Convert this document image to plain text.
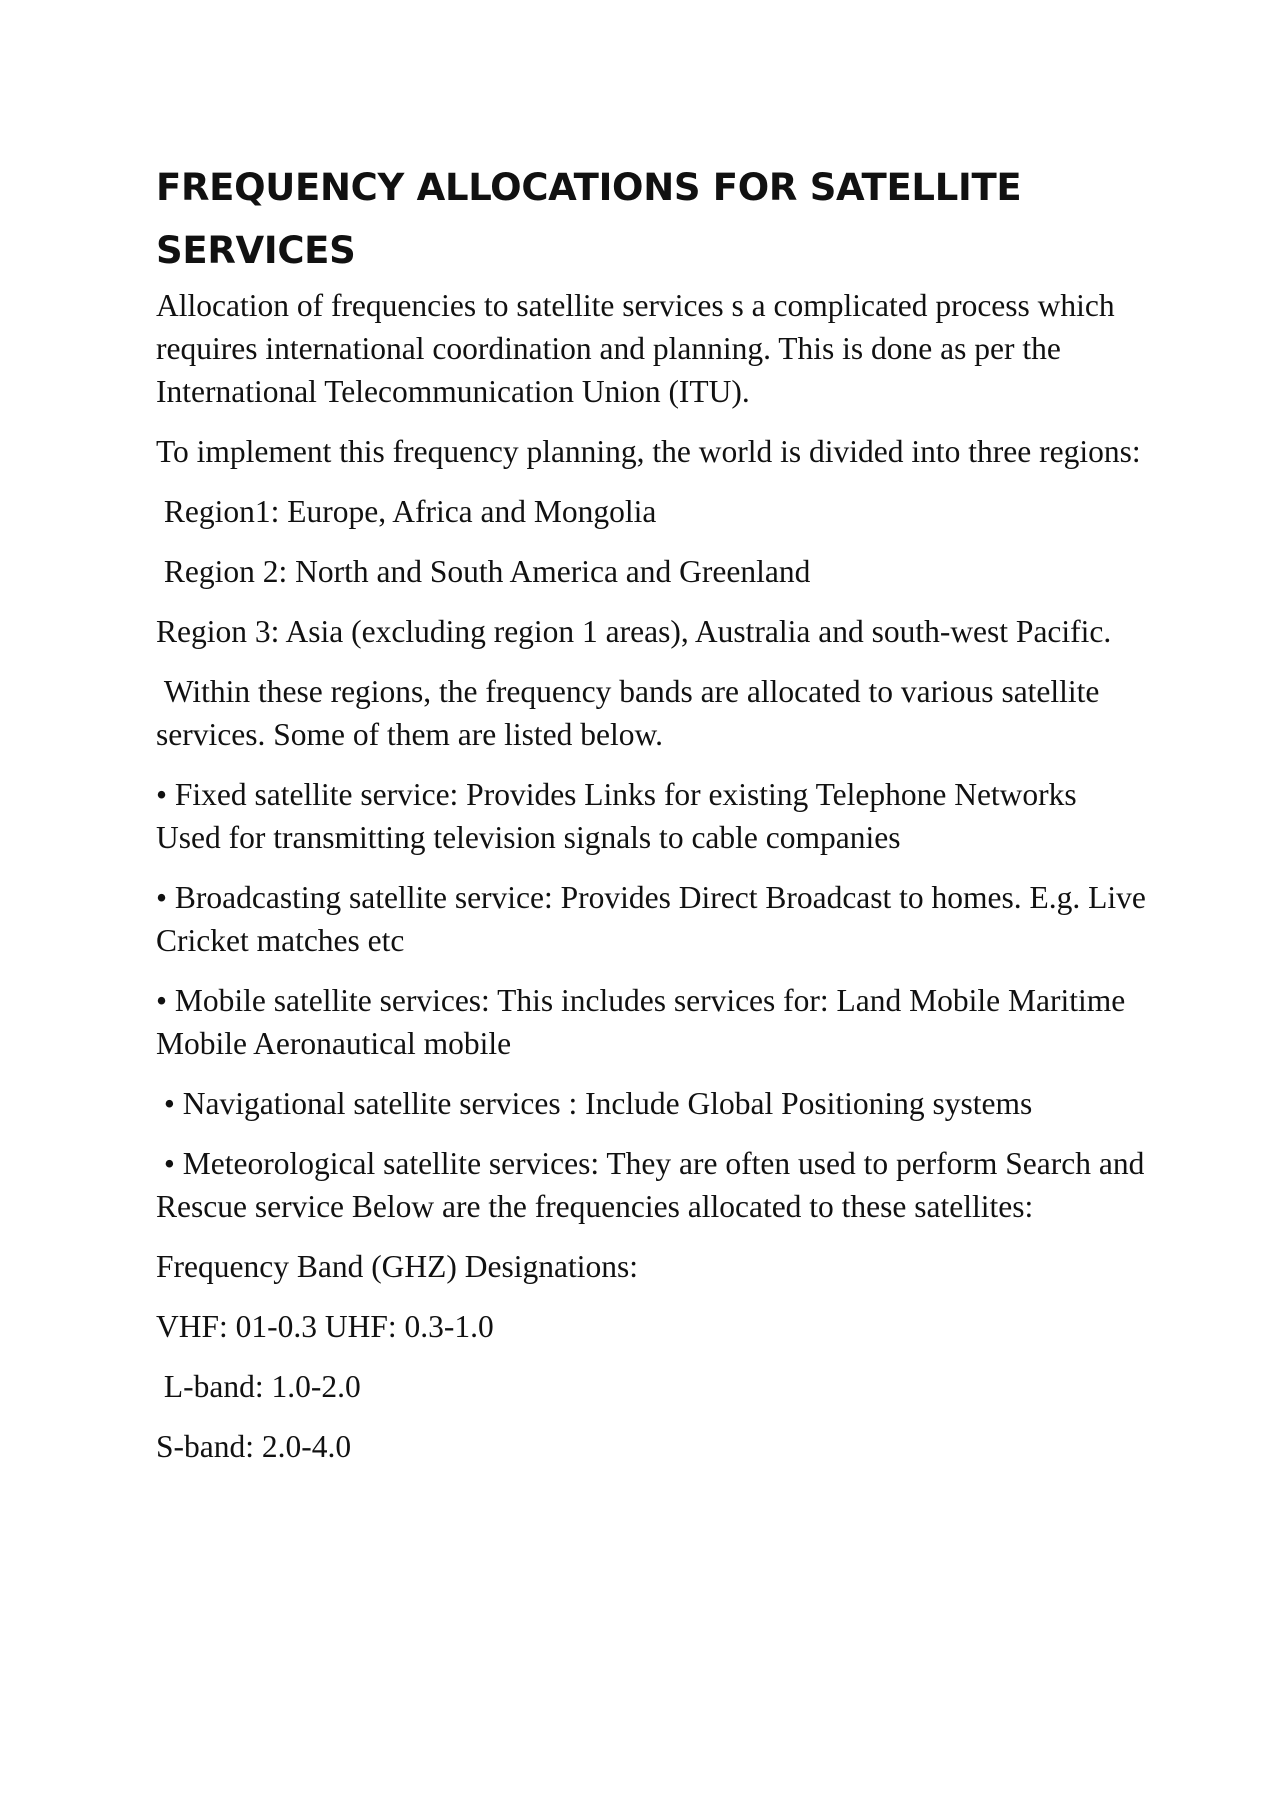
FREQUENCY ALLOCATIONS FOR SATELLITE SERVICES

Allocation of frequencies to satellite services s a complicated process which requires international coordination and planning. This is done as per the International Telecommunication Union (ITU).

To implement this frequency planning, the world is divided into three regions:

Region1: Europe, Africa and Mongolia

Region 2: North and South America and Greenland

Region 3: Asia (excluding region 1 areas), Australia and south-west Pacific.

Within these regions, the frequency bands are allocated to various satellite services. Some of them are listed below.

• Fixed satellite service: Provides Links for existing Telephone Networks Used for transmitting television signals to cable companies

• Broadcasting satellite service: Provides Direct Broadcast to homes. E.g. Live Cricket matches etc

• Mobile satellite services: This includes services for: Land Mobile Maritime Mobile Aeronautical mobile

• Navigational satellite services : Include Global Positioning systems

• Meteorological satellite services: They are often used to perform Search and Rescue service Below are the frequencies allocated to these satellites:

Frequency Band (GHZ) Designations:

VHF: 01-0.3 UHF: 0.3-1.0

L-band: 1.0-2.0

S-band: 2.0-4.0
